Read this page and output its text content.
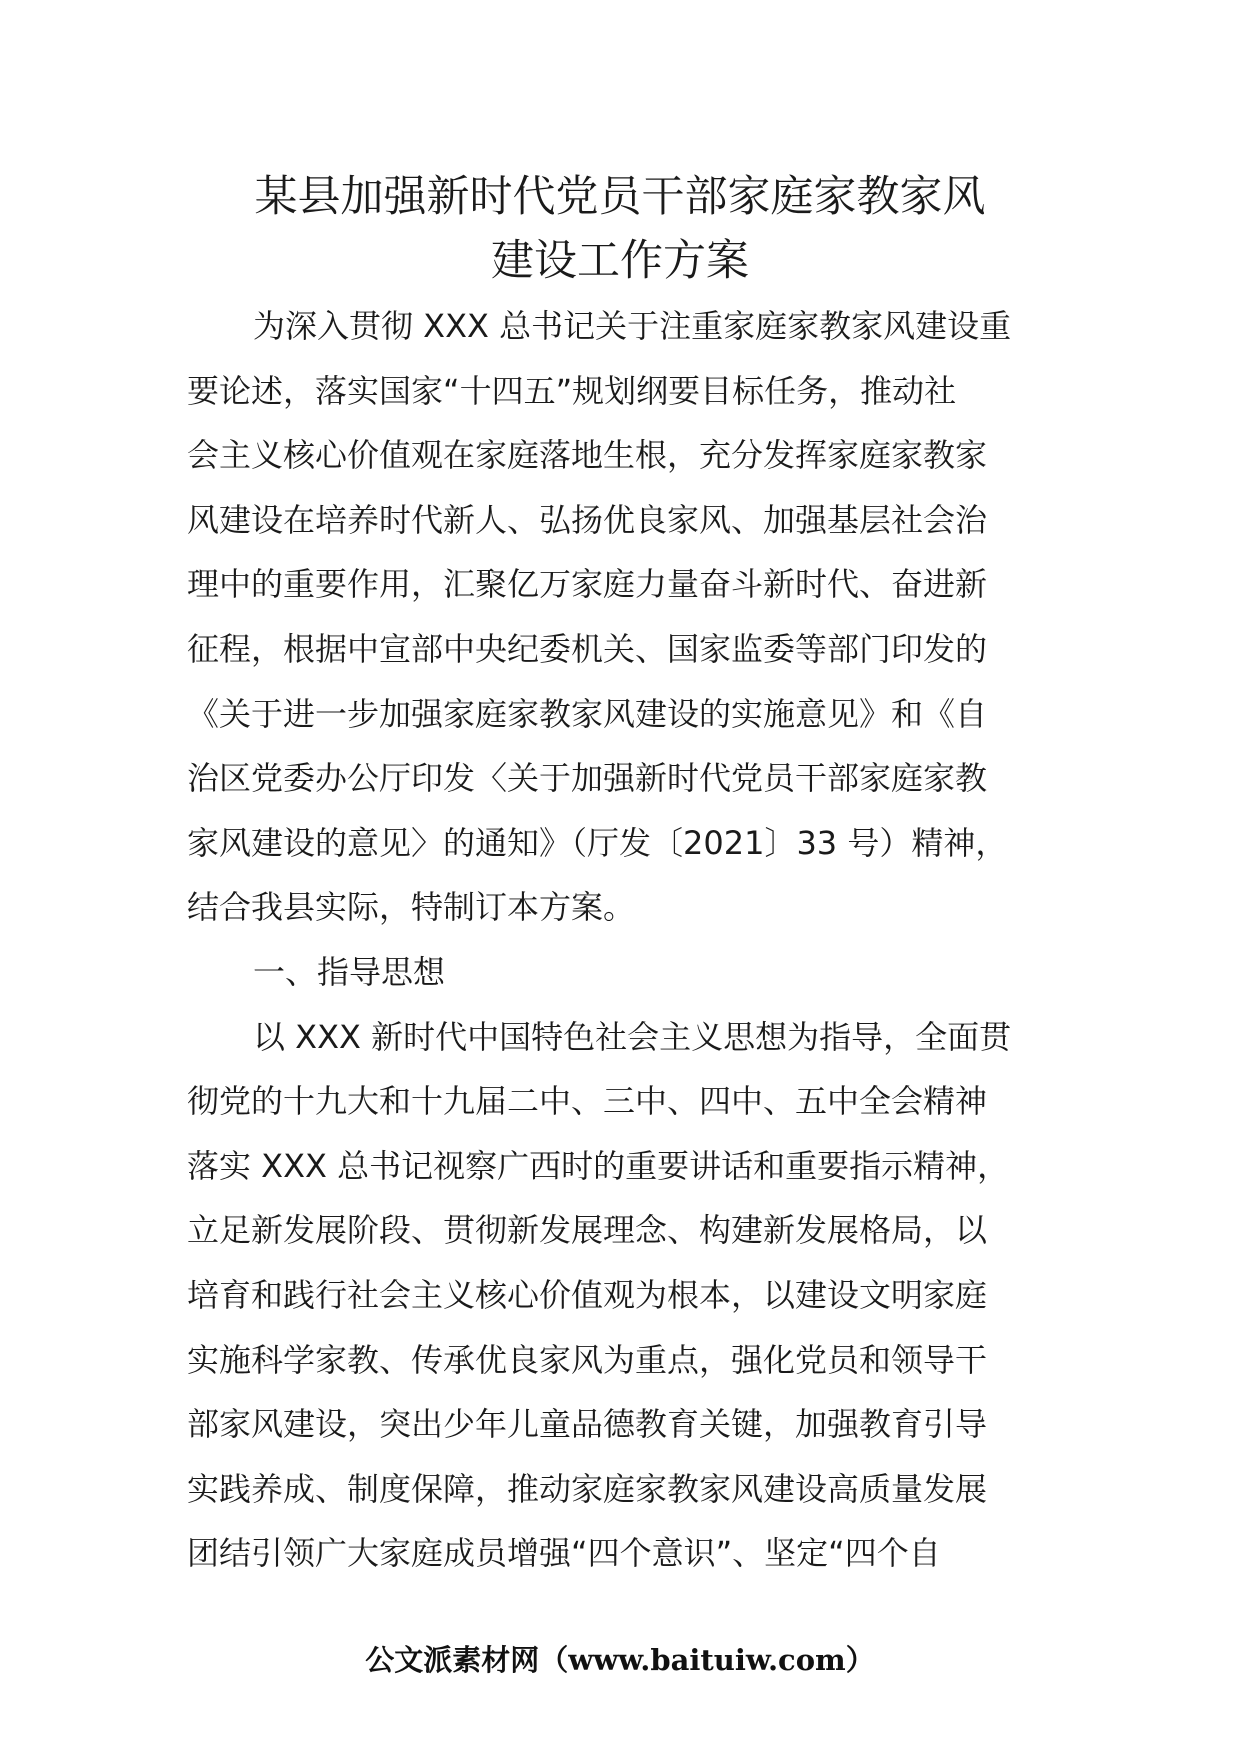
某县加强新时代党员干部家庭家教家风
建设工作方案
为深入贯彻 XXX 总书记关于注重家庭家教家风建设重
要论述，落实国家“十四五”规划纲要目标任务，推动社
会主义核心价值观在家庭落地生根，充分发挥家庭家教家
风建设在培养时代新人、弘扬优良家风、加强基层社会治
理中的重要作用，汇聚亿万家庭力量奋斗新时代、奋进新
征程，根据中宣部中央纪委机关、国家监委等部门印发的
《关于进一步加强家庭家教家风建设的实施意见》和《自
治区党委办公厅印发〈关于加强新时代党员干部家庭家教
家风建设的意见〉的通知》（厅发〔2021〕33 号）精神，
结合我县实际，特制订本方案。
一、指导思想
以 XXX 新时代中国特色社会主义思想为指导，全面贯
彻党的十九大和十九届二中、三中、四中、五中全会精神
落实 XXX 总书记视察广西时的重要讲话和重要指示精神，
立足新发展阶段、贯彻新发展理念、构建新发展格局，以
培育和践行社会主义核心价值观为根本，以建设文明家庭
实施科学家教、传承优良家风为重点，强化党员和领导干
部家风建设，突出少年儿童品德教育关键，加强教育引导
实践养成、制度保障，推动家庭家教家风建设高质量发展
团结引领广大家庭成员增强“四个意识”、坚定“四个自
公文派素材网（www.baituiw.com）
